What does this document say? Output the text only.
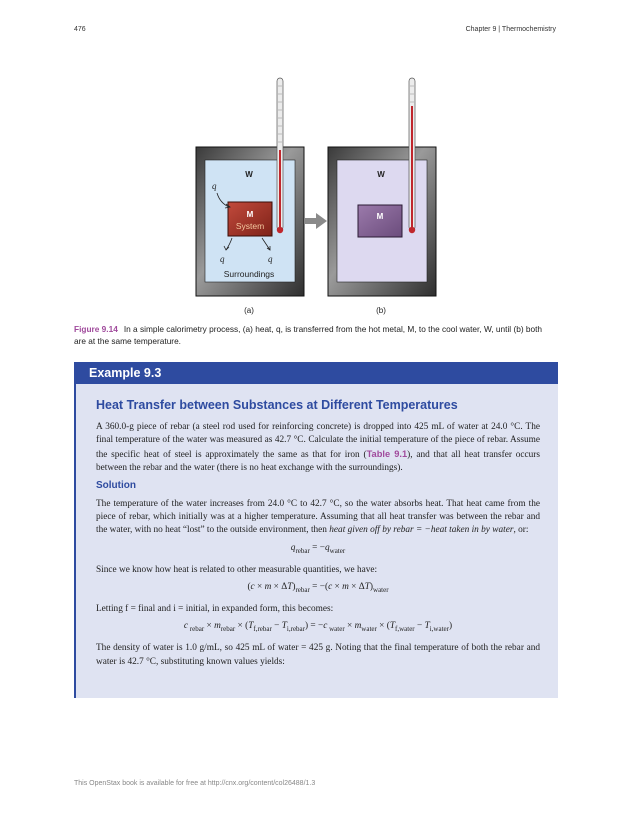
476	Chapter 9 | Thermochemistry
W
M
System
q
q	q
Surroundings
(a)
W
M
(b)
Figure 9.14 In a simple calorimetry process, (a) heat, q, is transferred from the hot metal, M, to the cool water, W, until (b) both are at the same temperature.
Example 9.3
Heat Transfer between Substances at Different Temperatures

A 360.0-g piece of rebar (a steel rod used for reinforcing concrete) is dropped into 425 mL of water at 24.0 °C. The final temperature of the water was measured as 42.7 °C. Calculate the initial temperature of the piece of rebar. Assume the specific heat of steel is approximately the same as that for iron (Table 9.1), and that all heat transfer occurs between the rebar and the water (there is no heat exchange with the surroundings).

Solution

The temperature of the water increases from 24.0 °C to 42.7 °C, so the water absorbs heat. That heat came from the piece of rebar, which initially was at a higher temperature. Assuming that all heat transfer was between the rebar and the water, with no heat “lost” to the outside environment, then heat given off by rebar = −heat taken in by water, or:

$q_{rebar} = -q_{water}$

Since we know how heat is related to other measurable quantities, we have:

$(c \times m \times \Delta T)_{rebar} = -(c \times m \times \Delta T)_{water}$

Letting f = final and i = initial, in expanded form, this becomes:

c $_{rebar} \times m_{rebar} \times (T_{f,rebar} - T_{i,rebar}) = -c$ $_{water} \times m_{water} \times (T_{f,water} - T_{i,water})$

The density of water is 1.0 g/mL, so 425 mL of water = 425 g. Noting that the final temperature of both the rebar and water is 42.7 °C, substituting known values yields:

This OpenStax book is available for free at http://cnx.org/content/col26488/1.3
